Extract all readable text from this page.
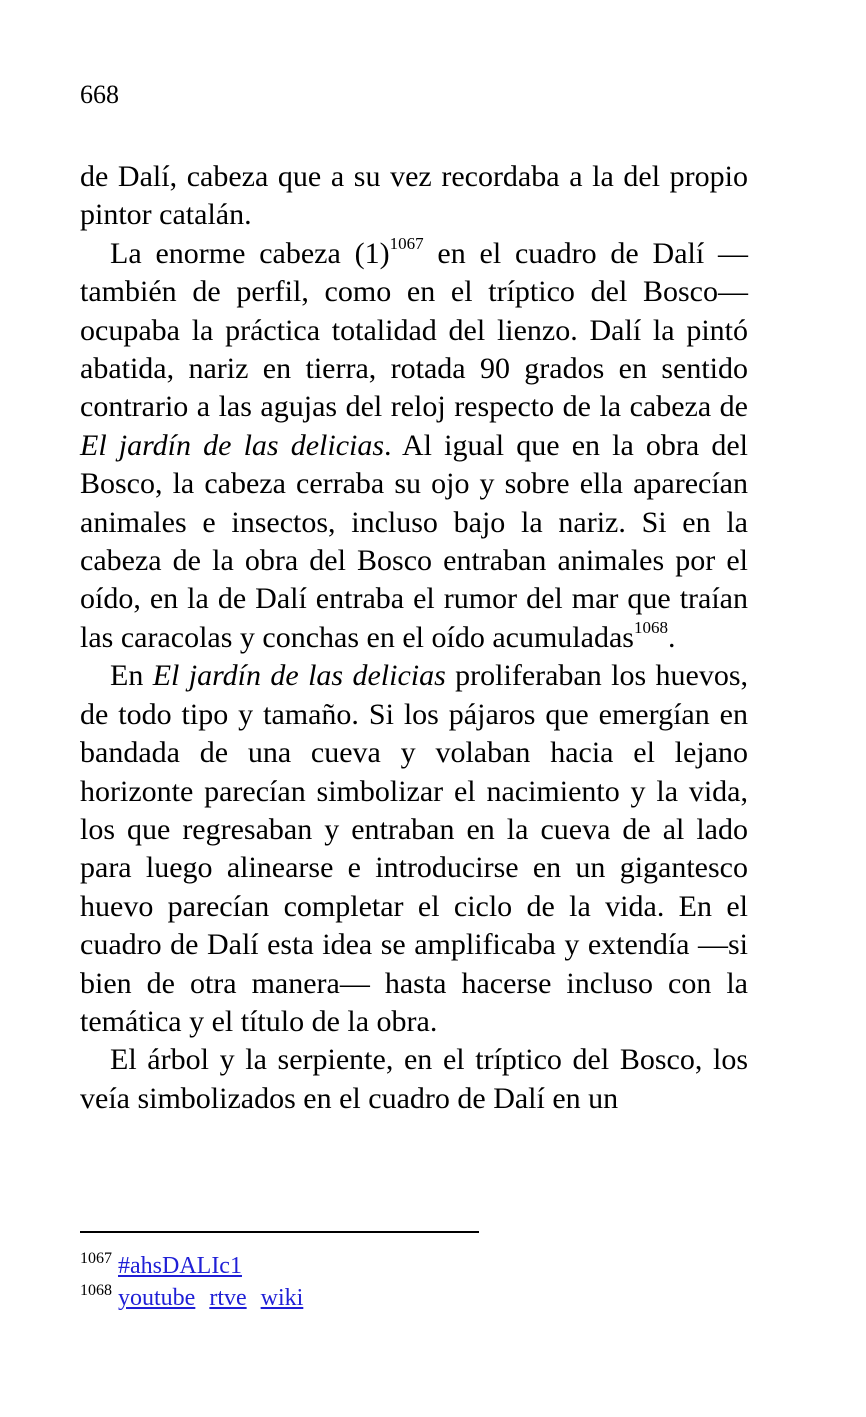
668

de Dalí, cabeza que a su vez recordaba a la del propio pintor catalán.

La enorme cabeza $(1)^{1067}$ en el cuadro de Dalí —también de perfil, como en el tríptico del Bosco— ocupaba la práctica totalidad del lienzo. Dalí la pintó abatida, nariz en tierra, rotada 90 grados en sentido contrario a las agujas del reloj respecto de la cabeza de El jardín de las delicias. Al igual que en la obra del Bosco, la cabeza cerraba su ojo y sobre ella aparecían animales e insectos, incluso bajo la nariz. Si en la cabeza de la obra del Bosco entraban animales por el oído, en la de Dalí entraba el rumor del mar que traían las caracolas y conchas en el oído acumuladas$^{1068}$.

En El jardín de las delicias proliferaban los huevos, de todo tipo y tamaño. Si los pájaros que emergían en bandada de una cueva y volaban hacia el lejano horizonte parecían simbolizar el nacimiento y la vida, los que regresaban y entraban en la cueva de al lado para luego alinearse e introducirse en un gigantesco huevo parecían completar el ciclo de la vida. En el cuadro de Dalí esta idea se amplificaba y extendía —si bien de otra manera— hasta hacerse incluso con la temática y el título de la obra.

El árbol y la serpiente, en el tríptico del Bosco, los veía simbolizados en el cuadro de Dalí en un

$^{1067}$ #ahsDALIc1
$^{1068}$ youtube rtve wiki
